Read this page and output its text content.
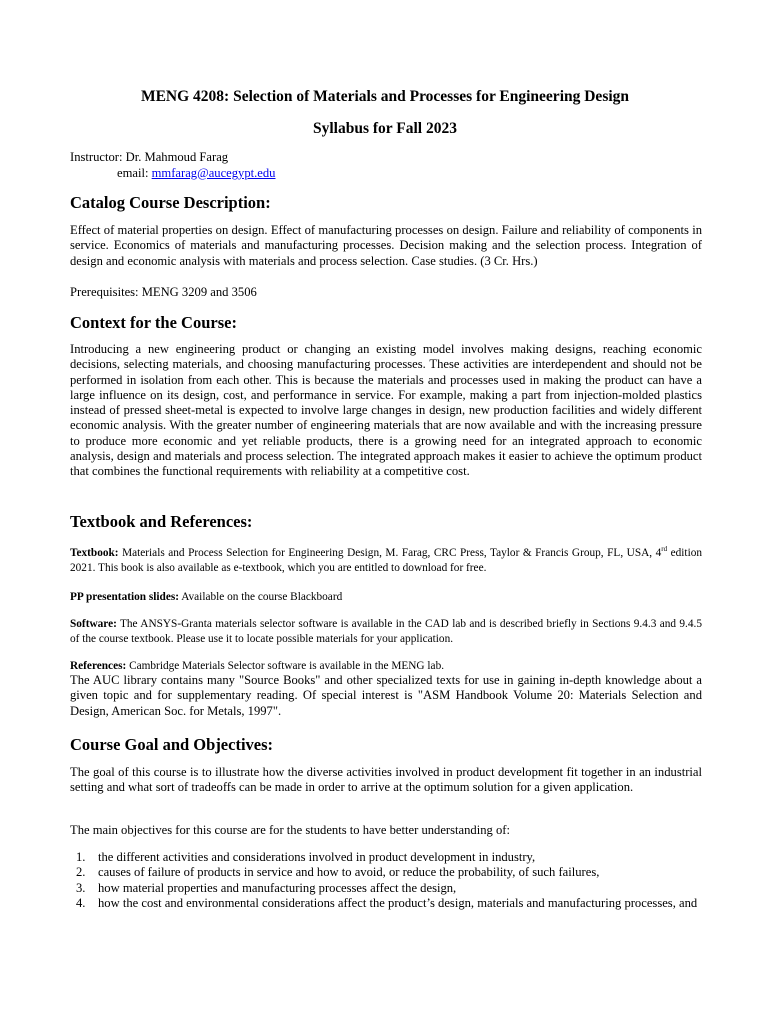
MENG 4208: Selection of Materials and Processes for Engineering Design
Syllabus for Fall 2023
Instructor: Dr. Mahmoud Farag
email: mmfarag@aucegypt.edu
Catalog Course Description:
Effect of material properties on design. Effect of manufacturing processes on design. Failure and reliability of components in service. Economics of materials and manufacturing processes. Decision making and the selection process. Integration of design and economic analysis with materials and process selection. Case studies. (3 Cr. Hrs.)
Prerequisites: MENG 3209 and 3506
Context for the Course:
Introducing a new engineering product or changing an existing model involves making designs, reaching economic decisions, selecting materials, and choosing manufacturing processes. These activities are interdependent and should not be performed in isolation from each other. This is because the materials and processes used in making the product can have a large influence on its design, cost, and performance in service. For example, making a part from injection-molded plastics instead of pressed sheet-metal is expected to involve large changes in design, new production facilities and widely different economic analysis. With the greater number of engineering materials that are now available and with the increasing pressure to produce more economic and yet reliable products, there is a growing need for an integrated approach to economic analysis, design and materials and process selection. The integrated approach makes it easier to achieve the optimum product that combines the functional requirements with reliability at a competitive cost.
Textbook and References:
Textbook: Materials and Process Selection for Engineering Design, M. Farag, CRC Press, Taylor & Francis Group, FL, USA, 4rd edition 2021. This book is also available as e-textbook, which you are entitled to download for free.
PP presentation slides: Available on the course Blackboard
Software: The ANSYS-Granta materials selector software is available in the CAD lab and is described briefly in Sections 9.4.3 and 9.4.5 of the course textbook. Please use it to locate possible materials for your application.
References: Cambridge Materials Selector software is available in the MENG lab.
The AUC library contains many "Source Books" and other specialized texts for use in gaining in-depth knowledge about a given topic and for supplementary reading. Of special interest is "ASM Handbook Volume 20: Materials Selection and Design, American Soc. for Metals, 1997".
Course Goal and Objectives:
The goal of this course is to illustrate how the diverse activities involved in product development fit together in an industrial setting and what sort of tradeoffs can be made in order to arrive at the optimum solution for a given application.
The main objectives for this course are for the students to have better understanding of:
1. the different activities and considerations involved in product development in industry,
2. causes of failure of products in service and how to avoid, or reduce the probability, of such failures,
3. how material properties and manufacturing processes affect the design,
4. how the cost and environmental considerations affect the product’s design, materials and manufacturing processes, and
